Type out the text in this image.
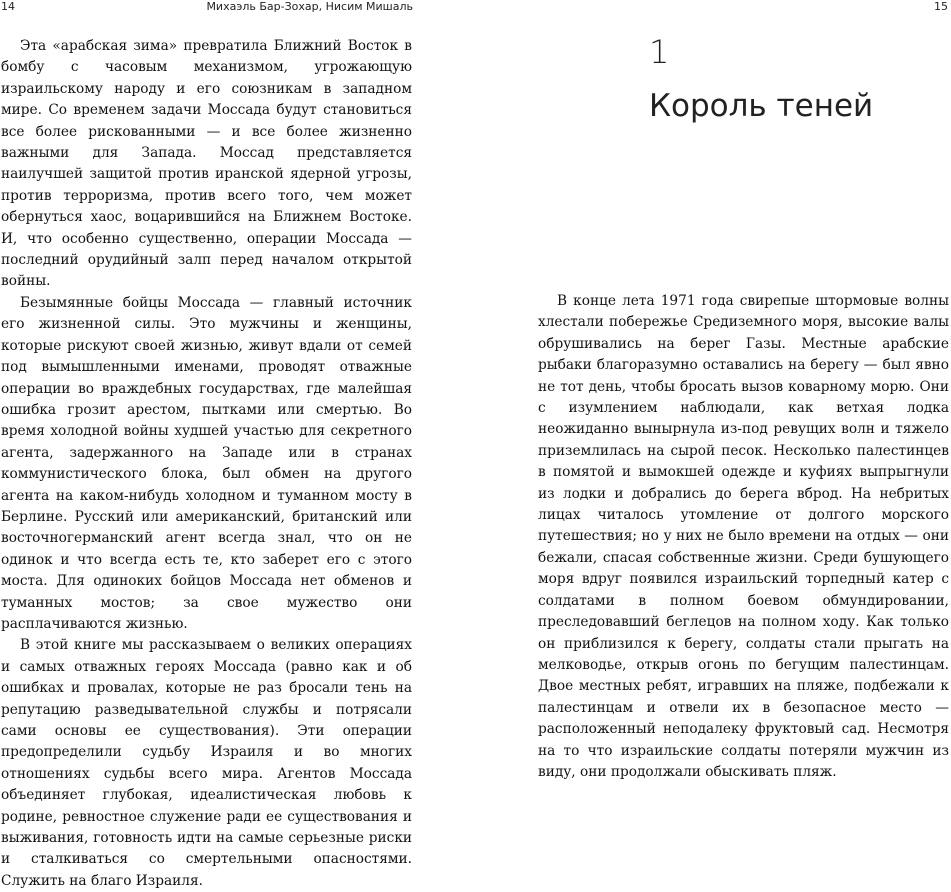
14	Михаэль Бар-Зохар, Нисим Мишаль

Эта «арабская зима» превратила Ближний Восток в бомбу с часовым механизмом, угрожающую израильскому народу и его союзникам в западном мире. Со временем задачи Моссада будут становиться все более рискованными — и все более жизненно важными для Запада. Моссад представляется наилучшей защитой против иранской ядерной угрозы, против терроризма, против всего того, чем может обернуться хаос, воцарившийся на Ближнем Востоке. И, что особенно существенно, операции Моссада — последний орудийный залп перед началом открытой войны.

Безымянные бойцы Моссада — главный источник его жизненной силы. Это мужчины и женщины, которые рискуют своей жизнью, живут вдали от семей под вымышленными именами, проводят отважные операции во враждебных государствах, где малейшая ошибка грозит арестом, пытками или смертью. Во время холодной войны худшей участью для секретного агента, задержанного на Западе или в странах коммунистического блока, был обмен на другого агента на каком-нибудь холодном и туманном мосту в Берлине. Русский или американский, британский или восточногерманский агент всегда знал, что он не одинок и что всегда есть те, кто заберет его с этого моста. Для одиноких бойцов Моссада нет обменов и туманных мостов; за свое мужество они расплачиваются жизнью.

В этой книге мы рассказываем о великих операциях и самых отважных героях Моссада (равно как и об ошибках и провалах, которые не раз бросали тень на репутацию разведывательной службы и потрясали сами основы ее существования). Эти операции предопределили судьбу Израиля и во многих отношениях судьбы всего мира. Агентов Моссада объединяет глубокая, идеалистическая любовь к родине, ревностное служение ради ее существования и выживания, готовность идти на самые серьезные риски и сталкиваться со смертельными опасностями. Служить на благо Израиля.

15
1
Король теней

В конце лета 1971 года свирепые штормовые волны хлестали побережье Средиземного моря, высокие валы обрушивались на берег Газы. Местные арабские рыбаки благоразумно оставались на берегу — был явно не тот день, чтобы бросать вызов коварному морю. Они с изумлением наблюдали, как ветхая лодка неожиданно вынырнула из-под ревущих волн и тяжело приземлилась на сырой песок. Несколько палестинцев в помятой и вымокшей одежде и куфиях выпрыгнули из лодки и добрались до берега вброд. На небритых лицах читалось утомление от долгого морского путешествия; но у них не было времени на отдых — они бежали, спасая собственные жизни. Среди бушующего моря вдруг появился израильский торпедный катер с солдатами в полном боевом обмундировании, преследовавший беглецов на полном ходу. Как только он приблизился к берегу, солдаты стали прыгать на мелководье, открыв огонь по бегущим палестинцам. Двое местных ребят, игравших на пляже, подбежали к палестинцам и отвели их в безопасное место — расположенный неподалеку фруктовый сад. Несмотря на то что израильские солдаты потеряли мужчин из виду, они продолжали обыскивать пляж.
